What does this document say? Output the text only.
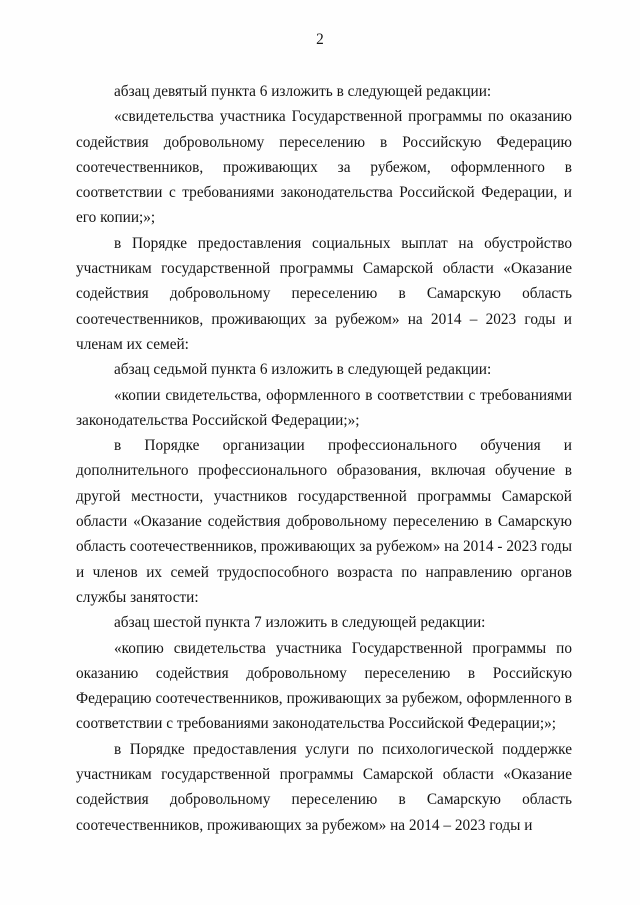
2

абзац девятый пункта 6 изложить в следующей редакции:

«свидетельства участника Государственной программы по оказанию содействия добровольному переселению в Российскую Федерацию соотечественников, проживающих за рубежом, оформленного в соответствии с требованиями законодательства Российской Федерации, и его копии;»;

в Порядке предоставления социальных выплат на обустройство участникам государственной программы Самарской области «Оказание содействия добровольному переселению в Самарскую область соотечественников, проживающих за рубежом» на 2014 – 2023 годы и членам их семей:

абзац седьмой пункта 6 изложить в следующей редакции:

«копии свидетельства, оформленного в соответствии с требованиями законодательства Российской Федерации;»;

в Порядке организации профессионального обучения и дополнительного профессионального образования, включая обучение в другой местности, участников государственной программы Самарской области «Оказание содействия добровольному переселению в Самарскую область соотечественников, проживающих за рубежом» на 2014 - 2023 годы и членов их семей трудоспособного возраста по направлению органов службы занятости:

абзац шестой пункта 7 изложить в следующей редакции:

«копию свидетельства участника Государственной программы по оказанию содействия добровольному переселению в Российскую Федерацию соотечественников, проживающих за рубежом, оформленного в соответствии с требованиями законодательства Российской Федерации;»;

в Порядке предоставления услуги по психологической поддержке участникам государственной программы Самарской области «Оказание содействия добровольному переселению в Самарскую область соотечественников, проживающих за рубежом» на 2014 – 2023 годы и
